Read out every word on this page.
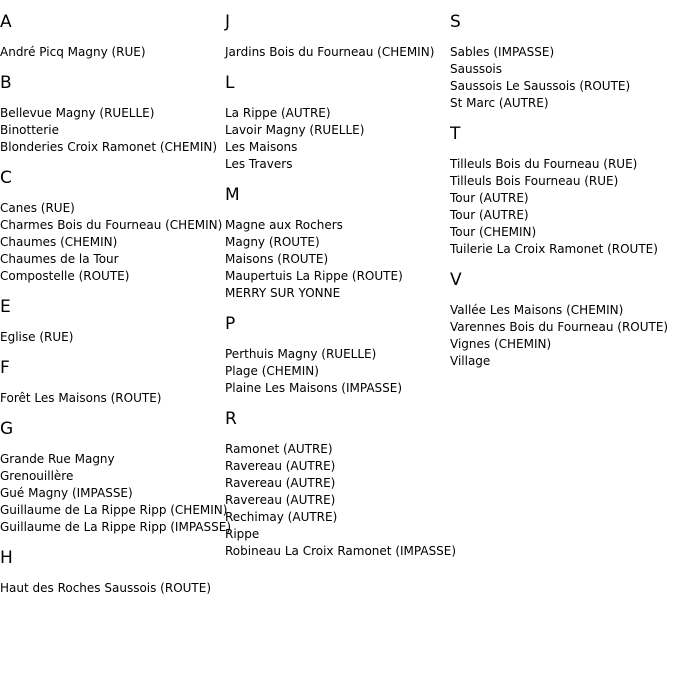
A
André Picq Magny (RUE)
B
Bellevue Magny (RUELLE)
Binotterie
Blonderies Croix Ramonet (CHEMIN)
C
Canes (RUE)
Charmes Bois du Fourneau (CHEMIN)
Chaumes (CHEMIN)
Chaumes de la Tour
Compostelle (ROUTE)
E
Eglise (RUE)
F
Forêt Les Maisons (ROUTE)
G
Grande Rue Magny
Grenouillère
Gué Magny (IMPASSE)
Guillaume de La Rippe Ripp (CHEMIN)
Guillaume de La Rippe Ripp (IMPASSE)
H
Haut des Roches Saussois (ROUTE)
J
Jardins Bois du Fourneau (CHEMIN)
L
La Rippe (AUTRE)
Lavoir Magny (RUELLE)
Les Maisons
Les Travers
M
Magne aux Rochers
Magny (ROUTE)
Maisons (ROUTE)
Maupertuis La Rippe (ROUTE)
MERRY SUR YONNE
P
Perthuis Magny (RUELLE)
Plage (CHEMIN)
Plaine Les Maisons (IMPASSE)
R
Ramonet (AUTRE)
Ravereau (AUTRE)
Ravereau (AUTRE)
Ravereau (AUTRE)
Rechimay (AUTRE)
Rippe
Robineau La Croix Ramonet (IMPASSE)
S
Sables (IMPASSE)
Saussois
Saussois Le Saussois (ROUTE)
St Marc (AUTRE)
T
Tilleuls Bois du Fourneau (RUE)
Tilleuls Bois Fourneau (RUE)
Tour (AUTRE)
Tour (AUTRE)
Tour (CHEMIN)
Tuilerie La Croix Ramonet (ROUTE)
V
Vallée Les Maisons (CHEMIN)
Varennes Bois du Fourneau (ROUTE)
Vignes (CHEMIN)
Village
